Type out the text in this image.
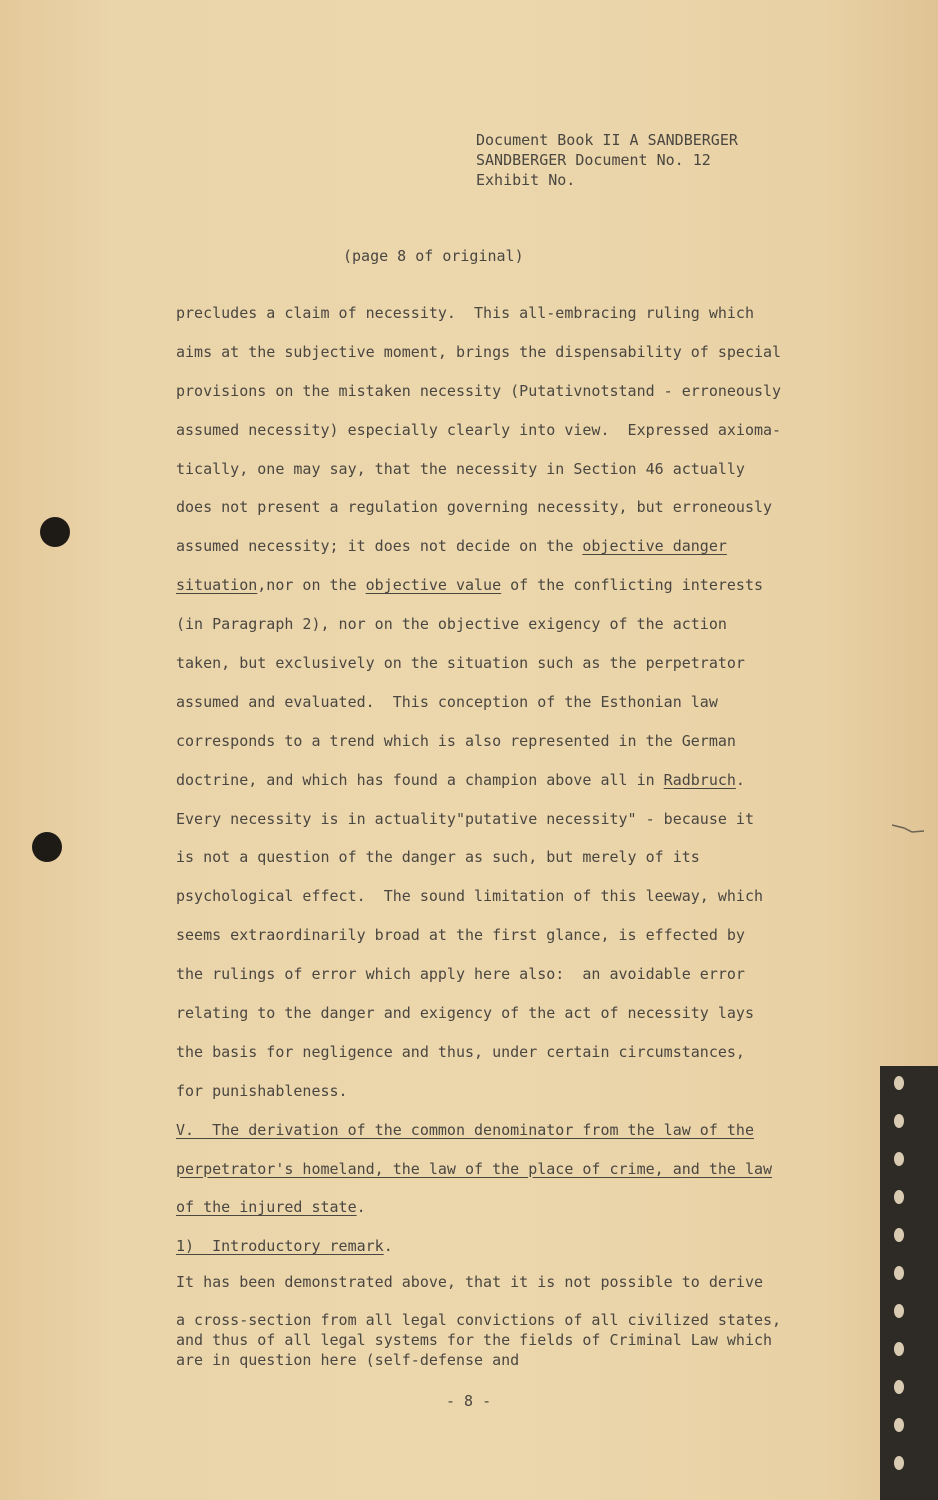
Document Book II A SANDBERGER
SANDBERGER Document No. 12
Exhibit No.
(page 8 of original)
precludes a claim of necessity.  This all-embracing ruling which
aims at the subjective moment, brings the dispensability of special
provisions on the mistaken necessity (Putativnotstand - erroneously
assumed necessity) especially clearly into view.  Expressed axioma-
tically, one may say, that the necessity in Section 46 actually
does not present a regulation governing necessity, but erroneously
assumed necessity; it does not decide on the objective danger
situation,nor on the objective value of the conflicting interests
(in Paragraph 2), nor on the objective exigency of the action
taken, but exclusively on the situation such as the perpetrator
assumed and evaluated.  This conception of the Esthonian law
corresponds to a trend which is also represented in the German
doctrine, and which has found a champion above all in Radbruch.
Every necessity is in actuality"putative necessity" - because it
is not a question of the danger as such, but merely of its
psychological effect.  The sound limitation of this leeway, which
seems extraordinarily broad at the first glance, is effected by
the rulings of error which apply here also:  an avoidable error
relating to the danger and exigency of the act of necessity lays
the basis for negligence and thus, under certain circumstances,
for punishableness.
V.  The derivation of the common denominator from the law of the
perpetrator's homeland, the law of the place of crime, and the law
of the injured state.
1)  Introductory remark.
It has been demonstrated above, that it is not possible to derive
a cross-section from all legal convictions of all civilized states,
and thus of all legal systems for the fields of Criminal Law which
are in question here (self-defense and
- 8 -
